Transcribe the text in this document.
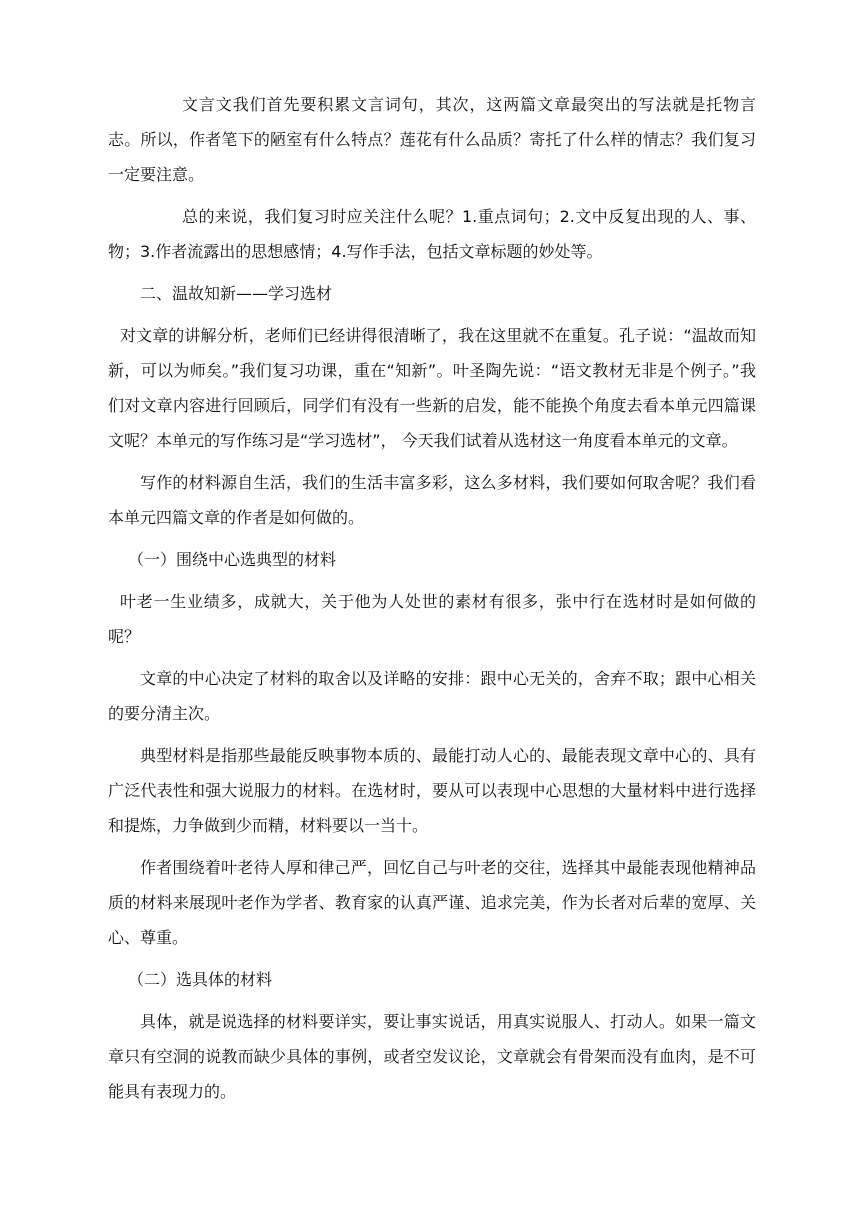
文言文我们首先要积累文言词句，其次，这两篇文章最突出的写法就是托物言志。所以，作者笔下的陋室有什么特点？莲花有什么品质？寄托了什么样的情志？我们复习一定要注意。

总的来说，我们复习时应关注什么呢？1.重点词句；2.文中反复出现的人、事、物；3.作者流露出的思想感情；4.写作手法，包括文章标题的妙处等。

二、温故知新——学习选材

对文章的讲解分析，老师们已经讲得很清晰了，我在这里就不在重复。孔子说：“温故而知新，可以为师矣。”我们复习功课，重在“知新”。叶圣陶先说：“语文教材无非是个例子。”我们对文章内容进行回顾后，同学们有没有一些新的启发，能不能换个角度去看本单元四篇课文呢？本单元的写作练习是“学习选材”， 今天我们试着从选材这一角度看本单元的文章。

写作的材料源自生活，我们的生活丰富多彩，这么多材料，我们要如何取舍呢？我们看本单元四篇文章的作者是如何做的。

（一）围绕中心选典型的材料

叶老一生业绩多，成就大，关于他为人处世的素材有很多，张中行在选材时是如何做的呢？

文章的中心决定了材料的取舍以及详略的安排：跟中心无关的，舍弃不取；跟中心相关的要分清主次。

典型材料是指那些最能反映事物本质的、最能打动人心的、最能表现文章中心的、具有广泛代表性和强大说服力的材料。在选材时，要从可以表现中心思想的大量材料中进行选择和提炼，力争做到少而精，材料要以一当十。

作者围绕着叶老待人厚和律己严，回忆自己与叶老的交往，选择其中最能表现他精神品质的材料来展现叶老作为学者、教育家的认真严谨、追求完美，作为长者对后辈的宽厚、关心、尊重。

（二）选具体的材料

具体，就是说选择的材料要详实，要让事实说话，用真实说服人、打动人。如果一篇文章只有空洞的说教而缺少具体的事例，或者空发议论，文章就会有骨架而没有血肉，是不可能具有表现力的。
